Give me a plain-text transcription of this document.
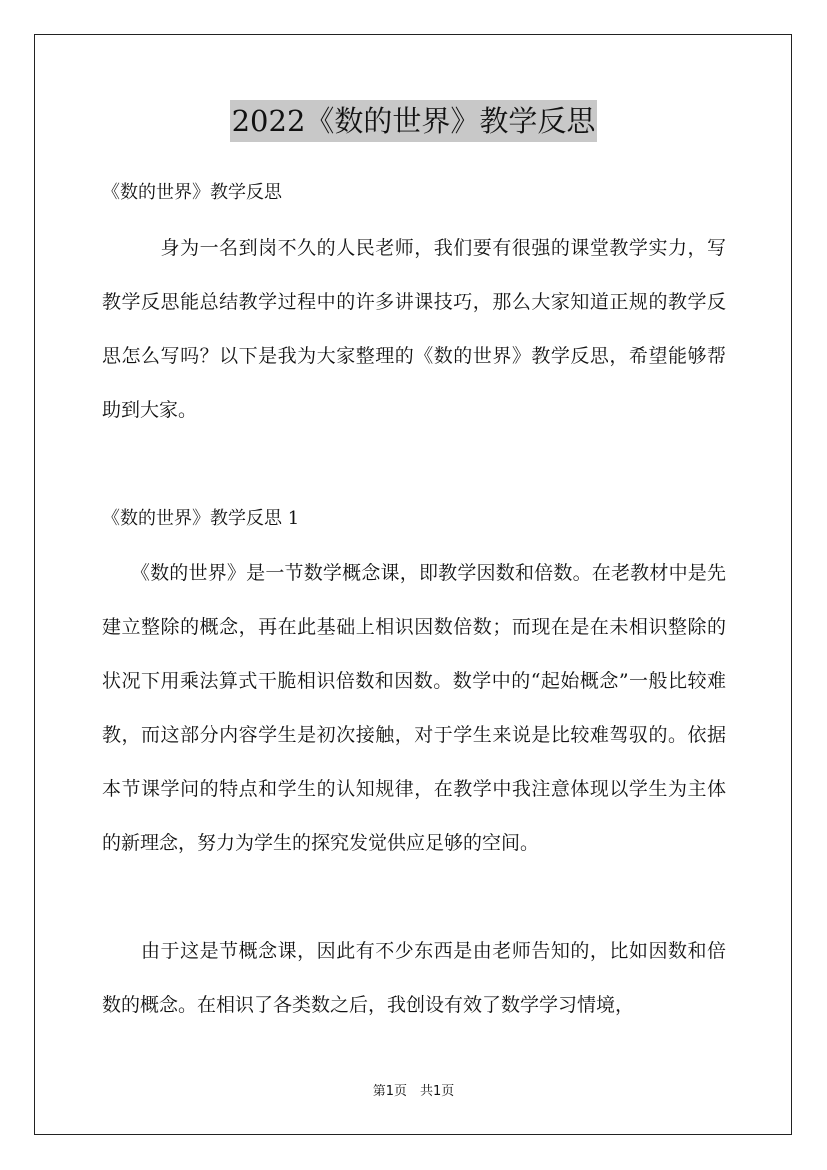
2022《数的世界》教学反思

《数的世界》教学反思

　　　身为一名到岗不久的人民老师，我们要有很强的课堂教学实力，写教学反思能总结教学过程中的许多讲课技巧，那么大家知道正规的教学反思怎么写吗？以下是我为大家整理的《数的世界》教学反思，希望能够帮助到大家。

《数的世界》教学反思 1

　　《数的世界》是一节数学概念课，即教学因数和倍数。在老教材中是先建立整除的概念，再在此基础上相识因数倍数；而现在是在未相识整除的状况下用乘法算式干脆相识倍数和因数。数学中的“起始概念”一般比较难教，而这部分内容学生是初次接触，对于学生来说是比较难驾驭的。依据本节课学问的特点和学生的认知规律，在教学中我注意体现以学生为主体的新理念，努力为学生的探究发觉供应足够的空间。

　　由于这是节概念课，因此有不少东西是由老师告知的，比如因数和倍数的概念。在相识了各类数之后，我创设有效了数学学习情境，

第1页　共1页
